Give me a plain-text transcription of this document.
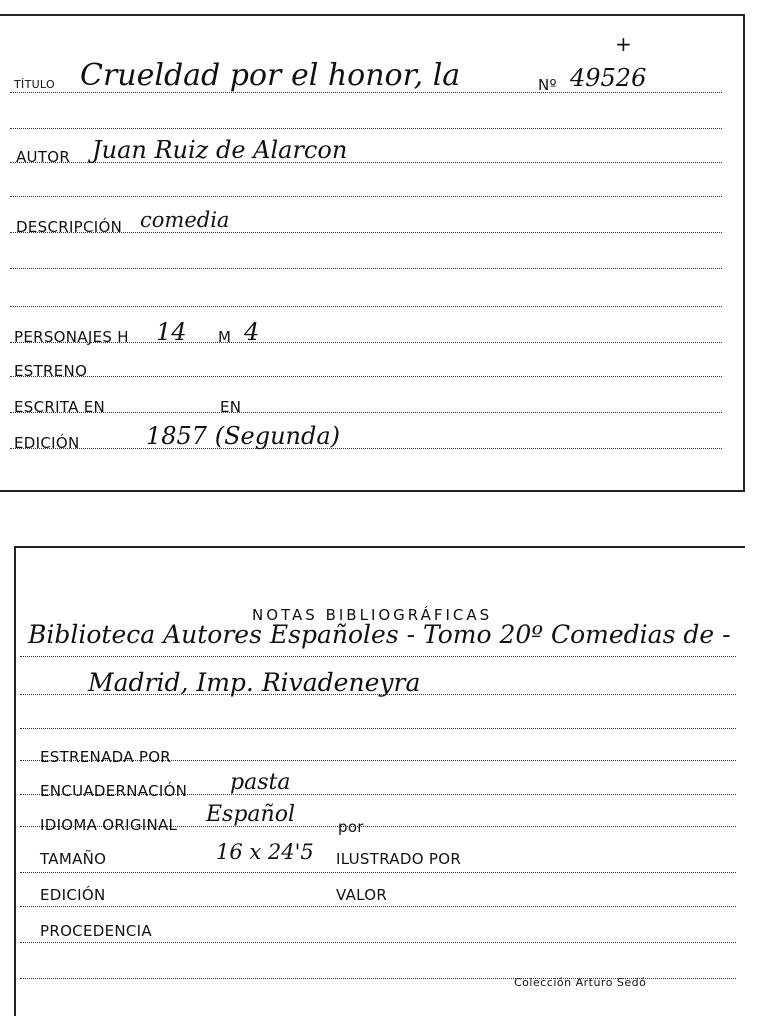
TÍTULO Crueldad por el honor, la	Nº 49526
+
AUTOR Juan Ruiz de Alarcon
DESCRIPCIÓN comedia
PERSONAJES H 14 M 4
ESTRENO
ESCRITA EN	EN
EDICIÓN	1857 (Segunda)
NOTAS BIBLIOGRÁFICAS
Biblioteca Autores Españoles - Tomo 20º Comedias de -
Madrid, Imp. Rivadeneyra
ESTRENADA POR
ENCUADERNACIÓN pasta
IDIOMA ORIGINAL Español	por
TAMAÑO	16 x 24'5 ILUSTRADO POR
EDICIÓN	VALOR
PROCEDENCIA
Colección Arturo Sedó
